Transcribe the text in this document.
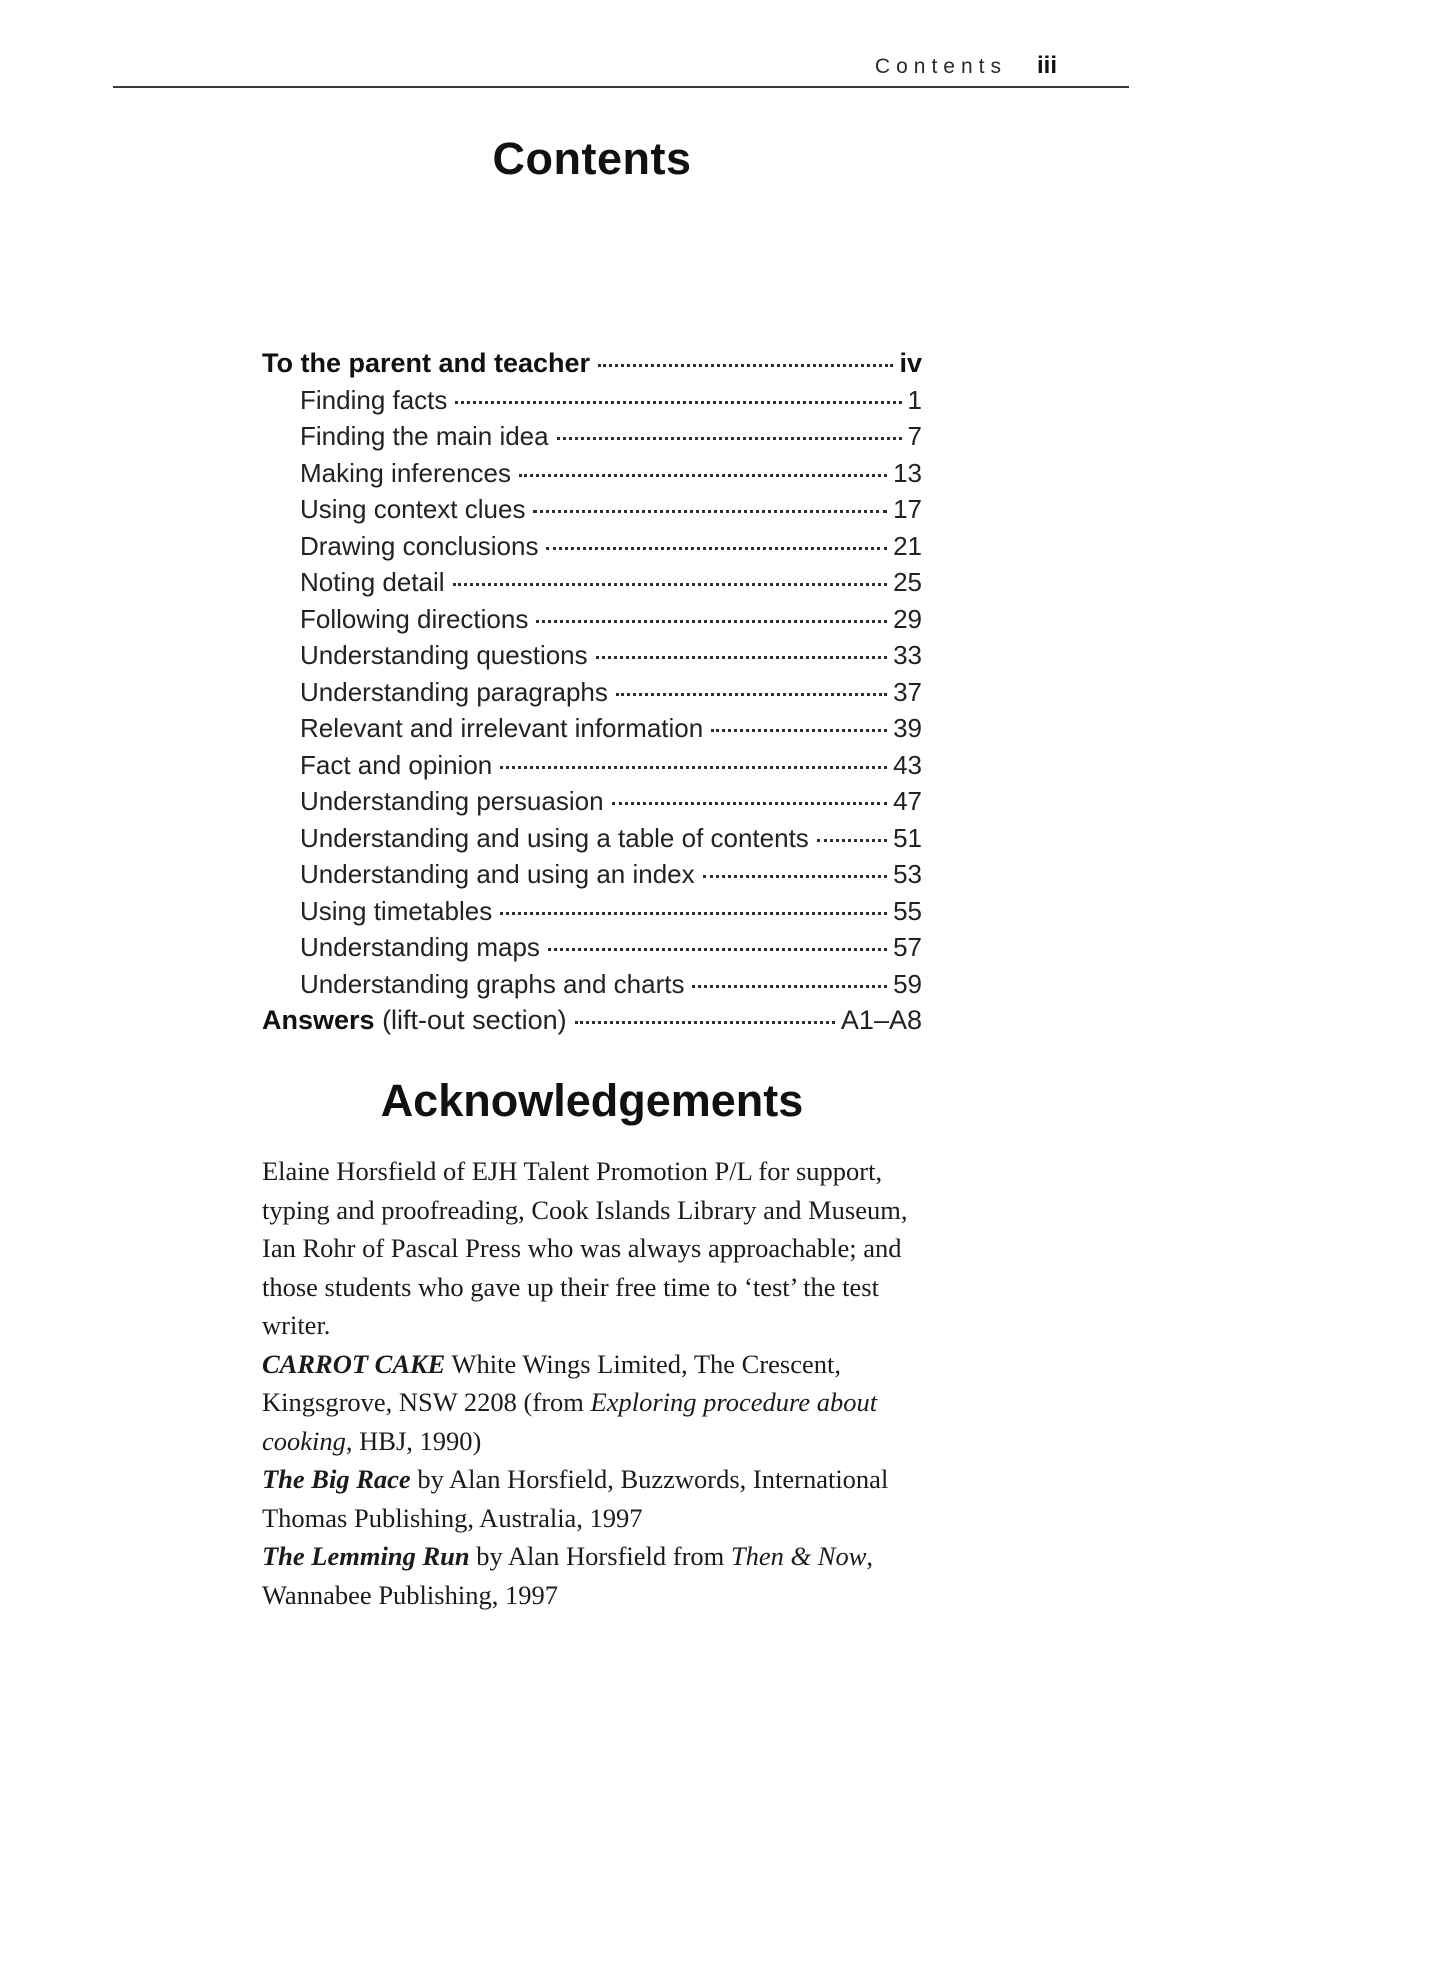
Contents iii
Contents
To the parent and teacher	iv
Finding facts	1
Finding the main idea	7
Making inferences	13
Using context clues	17
Drawing conclusions	21
Noting detail	25
Following directions	29
Understanding questions	33
Understanding paragraphs	37
Relevant and irrelevant information	39
Fact and opinion	43
Understanding persuasion	47
Understanding and using a table of contents	51
Understanding and using an index	53
Using timetables	55
Understanding maps	57
Understanding graphs and charts	59
Answers (lift-out section)	A1–A8
Acknowledgements

Elaine Horsfield of EJH Talent Promotion P/L for support, typing and proofreading, Cook Islands Library and Museum, Ian Rohr of Pascal Press who was always approachable; and those students who gave up their free time to ‘test’ the test writer.
CARROT CAKE White Wings Limited, The Crescent, Kingsgrove, NSW 2208 (from Exploring procedure about cooking, HBJ, 1990)
The Big Race by Alan Horsfield, Buzzwords, International Thomas Publishing, Australia, 1997
The Lemming Run by Alan Horsfield from Then & Now, Wannabee Publishing, 1997
